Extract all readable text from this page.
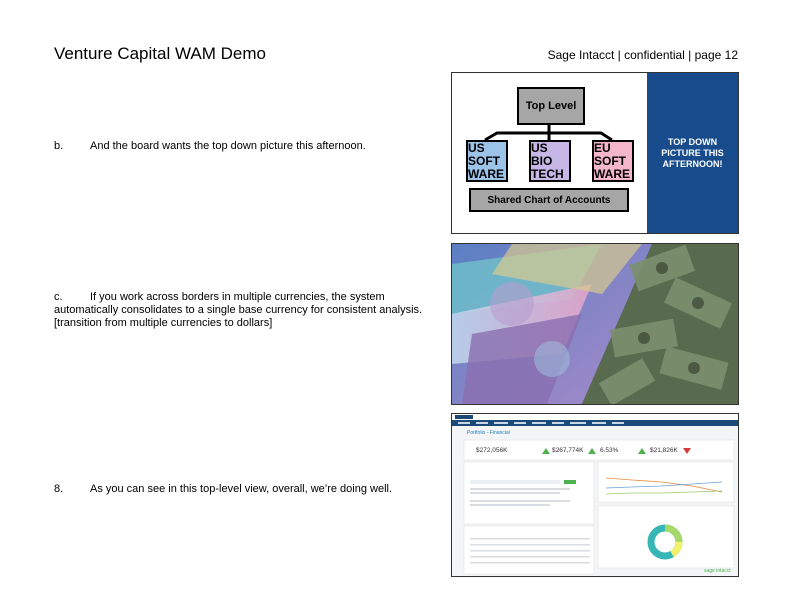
Venture Capital WAM Demo	Sage Intacct | confidential | page 12
b. And the board wants the top down picture this afternoon.
c. If you work across borders in multiple currencies, the system automatically consolidates to a single base currency for consistent analysis.
[transition from multiple currencies to dollars]
8. As you can see in this top-level view, overall, we’re doing well.
Top Level
US SOFT WARE
US BIO TECH
EU SOFT WARE
Shared Chart of Accounts
TOP DOWN PICTURE THIS AFTERNOON!
Portfolio - Financial
$272,056K	$267,774K	6.53%	$21,826K
sage intacct
